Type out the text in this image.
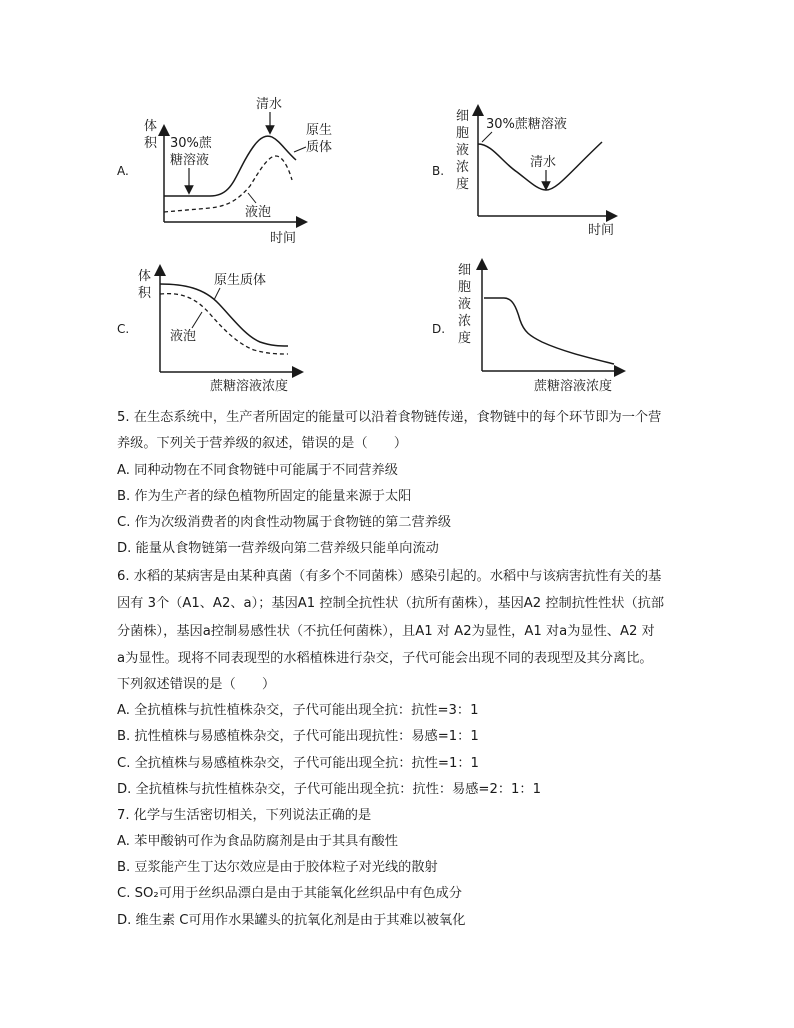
A.
体
积
时间
30%蔗
糖溶液
清水
原生
质体
液泡
B.
细
胞
液
浓
度
时间
30%蔗糖溶液
清水
C.
体
积
蔗糖溶液浓度
原生质体
液泡	D.
细
胞
液
浓
度
蔗糖溶液浓度
5. 在生态系统中，生产者所固定的能量可以沿着食物链传递，食物链中的每个环节即为一个营
养级。下列关于营养级的叙述，错误的是（　　）
A. 同种动物在不同食物链中可能属于不同营养级
B. 作为生产者的绿色植物所固定的能量来源于太阳
C. 作为次级消费者的肉食性动物属于食物链的第二营养级
D. 能量从食物链第一营养级向第二营养级只能单向流动
6. 水稻的某病害是由某种真菌（有多个不同菌株）感染引起的。水稻中与该病害抗性有关的基
因有 3个（A1、A2、a）；基因A1 控制全抗性状（抗所有菌株），基因A2 控制抗性性状（抗部
分菌株），基因a控制易感性状（不抗任何菌株），且A1 对 A2为显性，A1 对a为显性、A2 对
a为显性。现将不同表现型的水稻植株进行杂交，子代可能会出现不同的表现型及其分离比。
下列叙述错误的是（　　）
A. 全抗植株与抗性植株杂交，子代可能出现全抗：抗性=3：1
B. 抗性植株与易感植株杂交，子代可能出现抗性：易感=1：1
C. 全抗植株与易感植株杂交，子代可能出现全抗：抗性=1：1
D. 全抗植株与抗性植株杂交，子代可能出现全抗：抗性：易感=2：1：1
7. 化学与生活密切相关，下列说法正确的是
A. 苯甲酸钠可作为食品防腐剂是由于其具有酸性
B. 豆浆能产生丁达尔效应是由于胶体粒子对光线的散射
C. SO₂可用于丝织品漂白是由于其能氧化丝织品中有色成分
D. 维生素 C可用作水果罐头的抗氧化剂是由于其难以被氧化
